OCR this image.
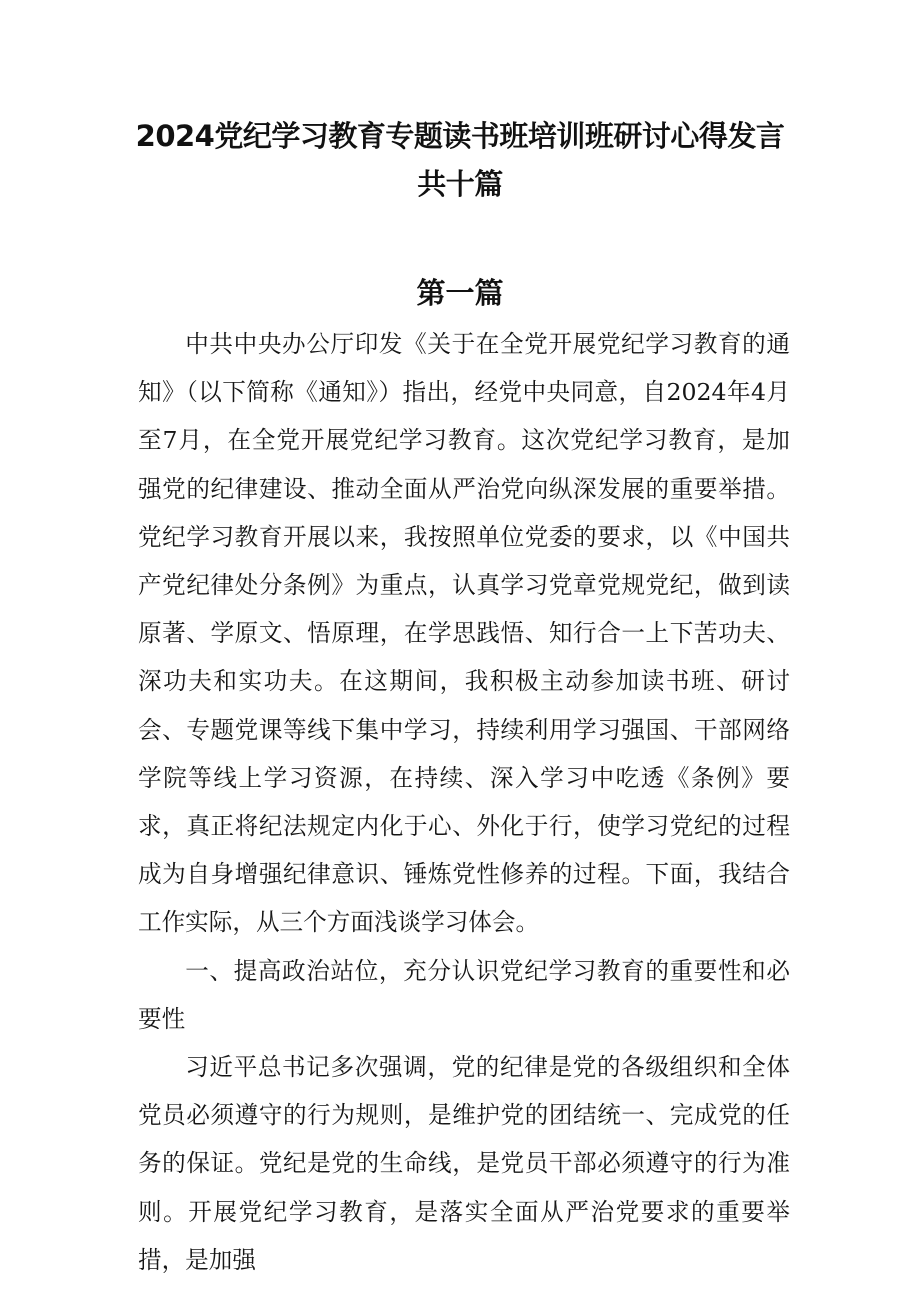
2024党纪学习教育专题读书班培训班研讨心得发言
共十篇
第一篇

中共中央办公厅印发《关于在全党开展党纪学习教育的通知》（以下简称《通知》）指出，经党中央同意，自2024年4月至7月，在全党开展党纪学习教育。这次党纪学习教育，是加强党的纪律建设、推动全面从严治党向纵深发展的重要举措。党纪学习教育开展以来，我按照单位党委的要求，以《中国共产党纪律处分条例》为重点，认真学习党章党规党纪，做到读原著、学原文、悟原理，在学思践悟、知行合一上下苦功夫、深功夫和实功夫。在这期间，我积极主动参加读书班、研讨会、专题党课等线下集中学习，持续利用学习强国、干部网络学院等线上学习资源，在持续、深入学习中吃透《条例》要求，真正将纪法规定内化于心、外化于行，使学习党纪的过程成为自身增强纪律意识、锤炼党性修养的过程。下面，我结合工作实际，从三个方面浅谈学习体会。

一、提高政治站位，充分认识党纪学习教育的重要性和必要性

习近平总书记多次强调，党的纪律是党的各级组织和全体党员必须遵守的行为规则，是维护党的团结统一、完成党的任务的保证。党纪是党的生命线，是党员干部必须遵守的行为准则。开展党纪学习教育，是落实全面从严治党要求的重要举措，是加强
